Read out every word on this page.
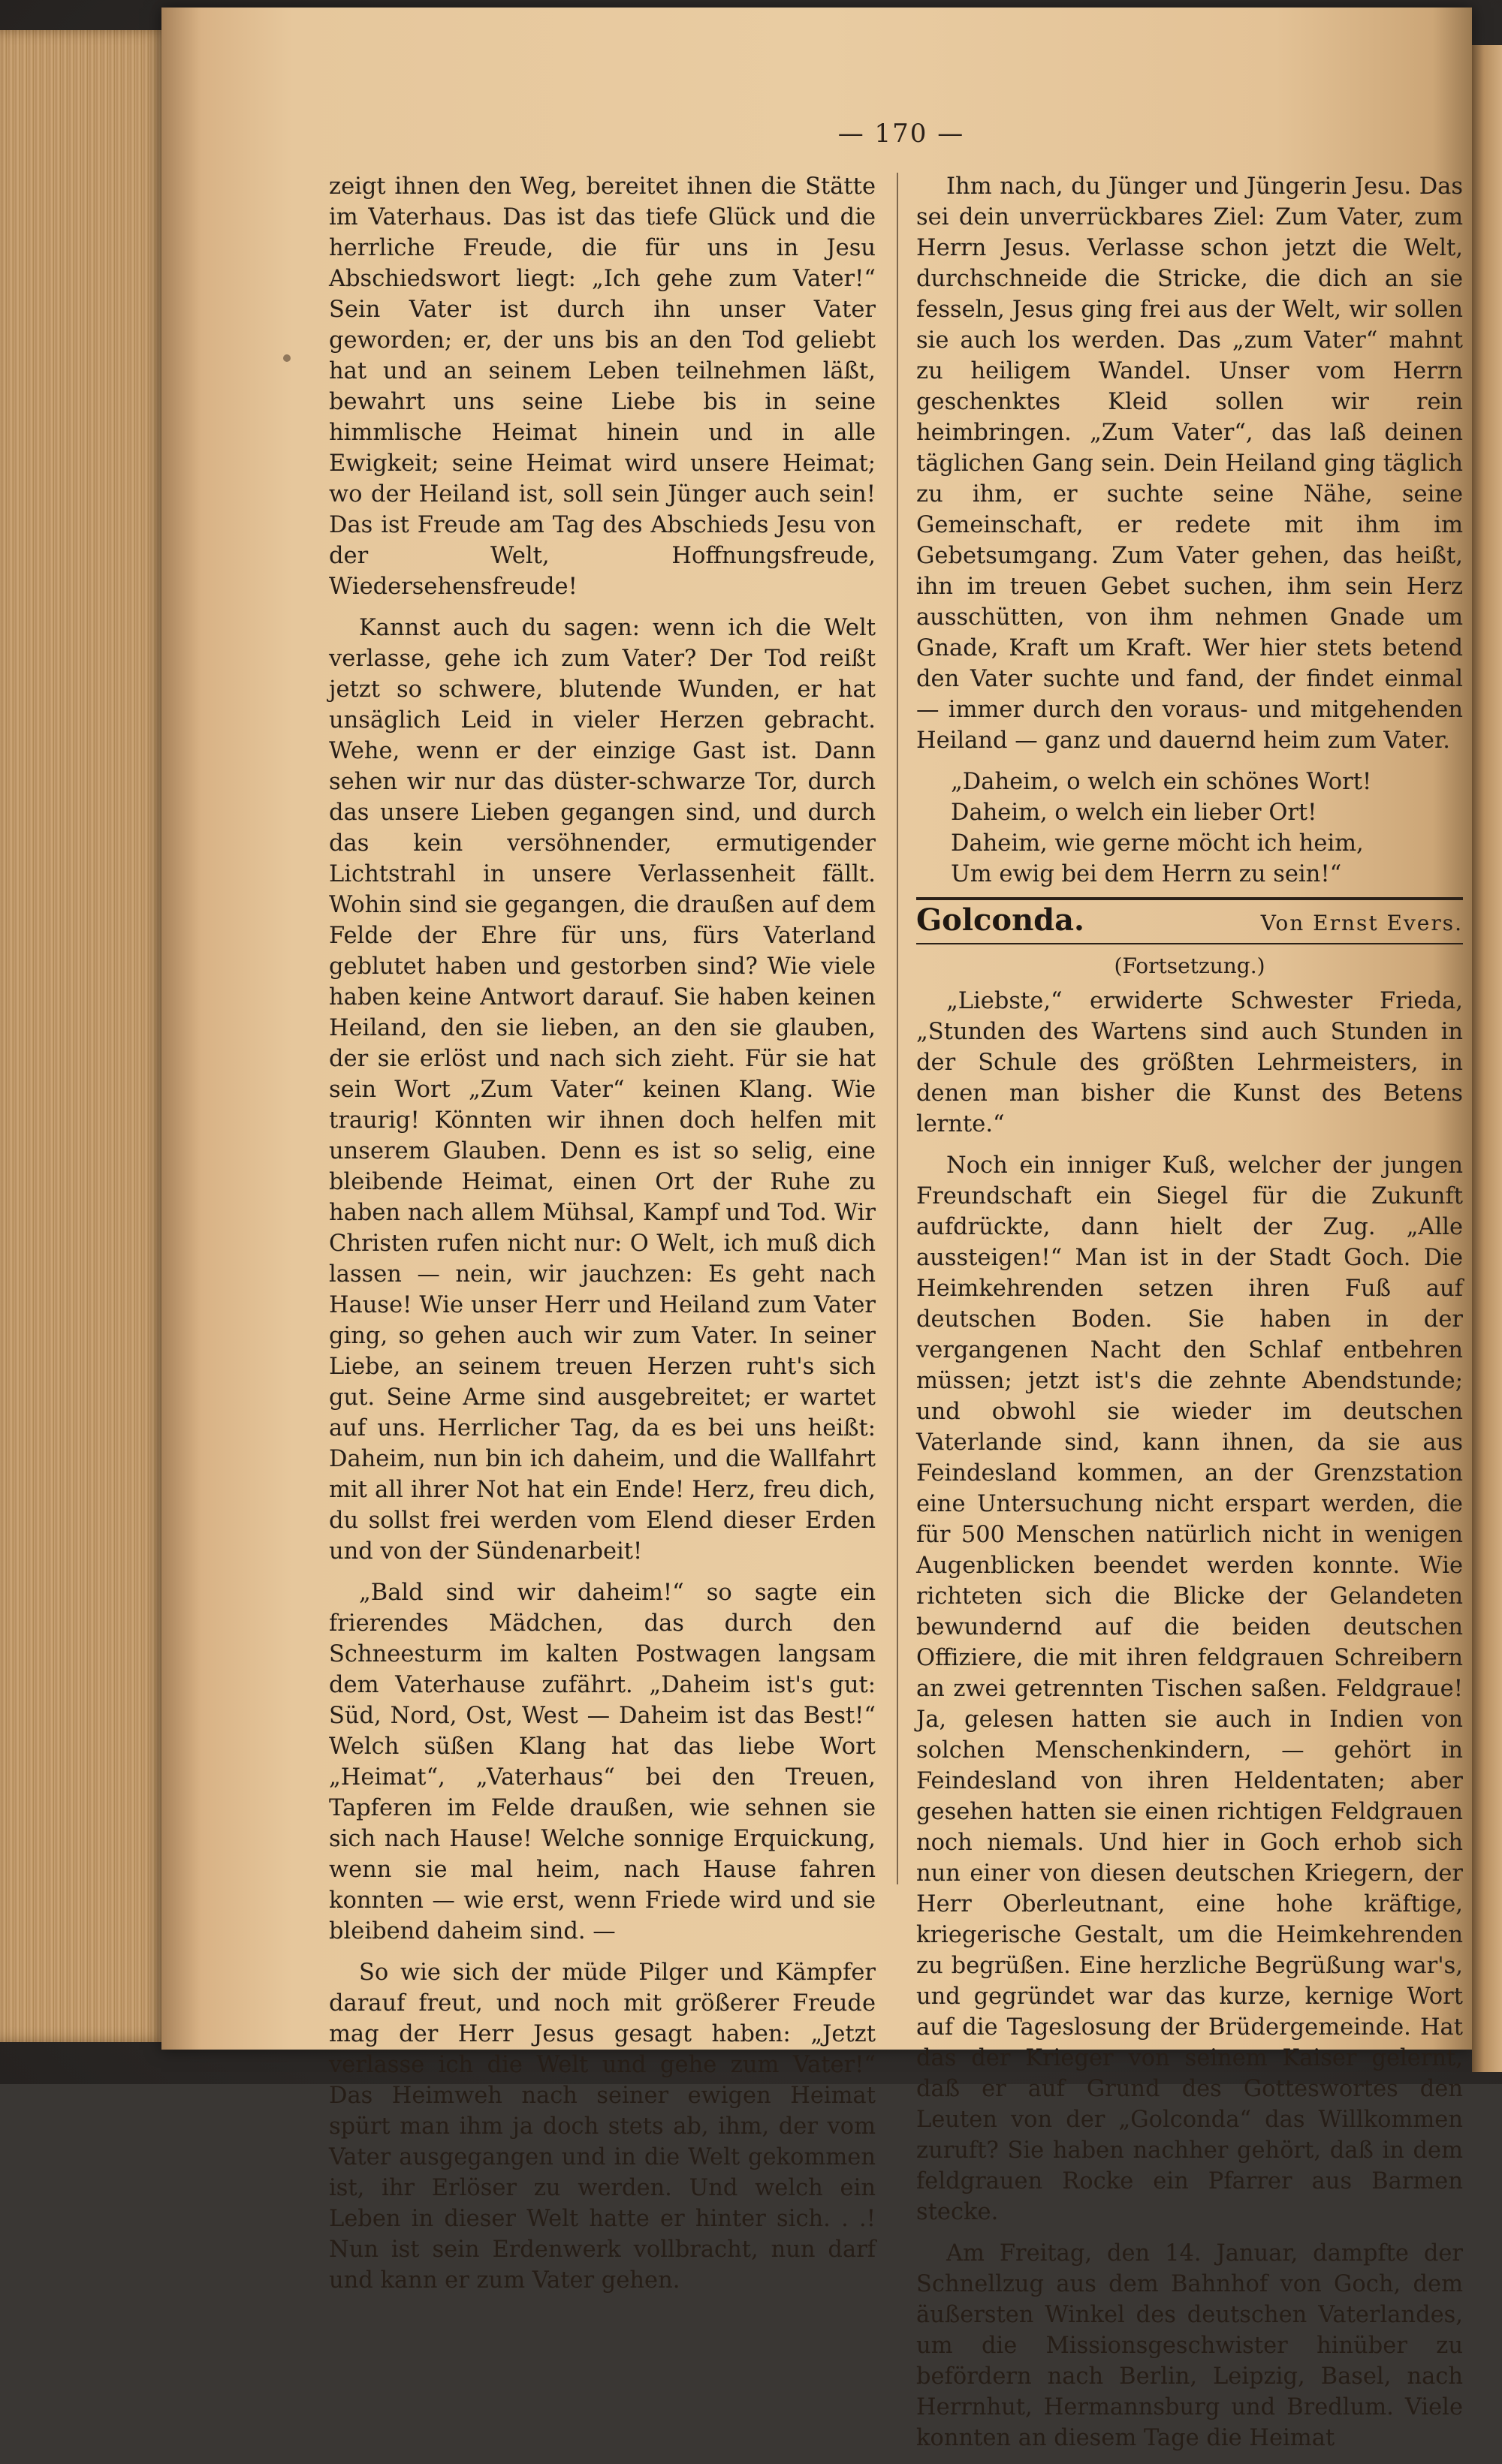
— 170 —

zeigt ihnen den Weg, bereitet ihnen die Stätte im Vaterhaus. Das ist das tiefe Glück und die herrliche Freude, die für uns in Jesu Abschiedswort liegt: „Ich gehe zum Vater!“ Sein Vater ist durch ihn unser Vater geworden; er, der uns bis an den Tod geliebt hat und an seinem Leben teilnehmen läßt, bewahrt uns seine Liebe bis in seine himmlische Heimat hinein und in alle Ewigkeit; seine Heimat wird unsere Heimat; wo der Heiland ist, soll sein Jünger auch sein! Das ist Freude am Tag des Abschieds Jesu von der Welt, Hoffnungsfreude, Wiedersehensfreude!

Kannst auch du sagen: wenn ich die Welt verlasse, gehe ich zum Vater? Der Tod reißt jetzt so schwere, blutende Wunden, er hat unsäglich Leid in vieler Herzen gebracht. Wehe, wenn er der einzige Gast ist. Dann sehen wir nur das düster-schwarze Tor, durch das unsere Lieben gegangen sind, und durch das kein versöhnender, ermutigender Lichtstrahl in unsere Verlassenheit fällt. Wohin sind sie gegangen, die draußen auf dem Felde der Ehre für uns, fürs Vaterland geblutet haben und gestorben sind? Wie viele haben keine Antwort darauf. Sie haben keinen Heiland, den sie lieben, an den sie glauben, der sie erlöst und nach sich zieht. Für sie hat sein Wort „Zum Vater“ keinen Klang. Wie traurig! Könnten wir ihnen doch helfen mit unserem Glauben. Denn es ist so selig, eine bleibende Heimat, einen Ort der Ruhe zu haben nach allem Mühsal, Kampf und Tod. Wir Christen rufen nicht nur: O Welt, ich muß dich lassen — nein, wir jauchzen: Es geht nach Hause! Wie unser Herr und Heiland zum Vater ging, so gehen auch wir zum Vater. In seiner Liebe, an seinem treuen Herzen ruht's sich gut. Seine Arme sind ausgebreitet; er wartet auf uns. Herrlicher Tag, da es bei uns heißt: Daheim, nun bin ich daheim, und die Wallfahrt mit all ihrer Not hat ein Ende! Herz, freu dich, du sollst frei werden vom Elend dieser Erden und von der Sündenarbeit!

„Bald sind wir daheim!“ so sagte ein frierendes Mädchen, das durch den Schneesturm im kalten Postwagen langsam dem Vaterhause zufährt. „Daheim ist's gut: Süd, Nord, Ost, West — Daheim ist das Best!“ Welch süßen Klang hat das liebe Wort „Heimat“, „Vaterhaus“ bei den Treuen, Tapferen im Felde draußen, wie sehnen sie sich nach Hause! Welche sonnige Erquickung, wenn sie mal heim, nach Hause fahren konnten — wie erst, wenn Friede wird und sie bleibend daheim sind. —

So wie sich der müde Pilger und Kämpfer darauf freut, und noch mit größerer Freude mag der Herr Jesus gesagt haben: „Jetzt verlasse ich die Welt und gehe zum Vater!“ Das Heimweh nach seiner ewigen Heimat spürt man ihm ja doch stets ab, ihm, der vom Vater ausgegangen und in die Welt gekommen ist, ihr Erlöser zu werden. Und welch ein Leben in dieser Welt hatte er hinter sich. . .! Nun ist sein Erdenwerk vollbracht, nun darf und kann er zum Vater gehen.

Ihm nach, du Jünger und Jüngerin Jesu. Das sei dein unverrückbares Ziel: Zum Vater, zum Herrn Jesus. Verlasse schon jetzt die Welt, durchschneide die Stricke, die dich an sie fesseln, Jesus ging frei aus der Welt, wir sollen sie auch los werden. Das „zum Vater“ mahnt zu heiligem Wandel. Unser vom Herrn geschenktes Kleid sollen wir rein heimbringen. „Zum Vater“, das laß deinen täglichen Gang sein. Dein Heiland ging täglich zu ihm, er suchte seine Nähe, seine Gemeinschaft, er redete mit ihm im Gebetsumgang. Zum Vater gehen, das heißt, ihn im treuen Gebet suchen, ihm sein Herz ausschütten, von ihm nehmen Gnade um Gnade, Kraft um Kraft. Wer hier stets betend den Vater suchte und fand, der findet einmal — immer durch den voraus- und mitgehenden Heiland — ganz und dauernd heim zum Vater.

„Daheim, o welch ein schönes Wort!
Daheim, o welch ein lieber Ort!
Daheim, wie gerne möcht ich heim,
Um ewig bei dem Herrn zu sein!“
Golconda.	Von Ernst Evers.
(Fortsetzung.)

„Liebste,“ erwiderte Schwester Frieda, „Stunden des Wartens sind auch Stunden in der Schule des größten Lehrmeisters, in denen man bisher die Kunst des Betens lernte.“

Noch ein inniger Kuß, welcher der jungen Freundschaft ein Siegel für die Zukunft aufdrückte, dann hielt der Zug. „Alle aussteigen!“ Man ist in der Stadt Goch. Die Heimkehrenden setzen ihren Fuß auf deutschen Boden. Sie haben in der vergangenen Nacht den Schlaf entbehren müssen; jetzt ist's die zehnte Abendstunde; und obwohl sie wieder im deutschen Vaterlande sind, kann ihnen, da sie aus Feindesland kommen, an der Grenzstation eine Untersuchung nicht erspart werden, die für 500 Menschen natürlich nicht in wenigen Augenblicken beendet werden konnte. Wie richteten sich die Blicke der Gelandeten bewundernd auf die beiden deutschen Offiziere, die mit ihren feldgrauen Schreibern an zwei getrennten Tischen saßen. Feldgraue! Ja, gelesen hatten sie auch in Indien von solchen Menschenkindern, — gehört in Feindesland von ihren Heldentaten; aber gesehen hatten sie einen richtigen Feldgrauen noch niemals. Und hier in Goch erhob sich nun einer von diesen deutschen Kriegern, der Herr Oberleutnant, eine hohe kräftige, kriegerische Gestalt, um die Heimkehrenden zu begrüßen. Eine herzliche Begrüßung war's, und gegründet war das kurze, kernige Wort auf die Tageslosung der Brüdergemeinde. Hat das der Krieger von seinem Kaiser gelernt, daß er auf Grund des Gotteswortes den Leuten von der „Golconda“ das Willkommen zuruft? Sie haben nachher gehört, daß in dem feldgrauen Rocke ein Pfarrer aus Barmen stecke.

Am Freitag, den 14. Januar, dampfte der Schnellzug aus dem Bahnhof von Goch, dem äußersten Winkel des deutschen Vaterlandes, um die Missionsgeschwister hinüber zu befördern nach Berlin, Leipzig, Basel, nach Herrnhut, Hermannsburg und Bredlum. Viele konnten an diesem Tage die Heimat
